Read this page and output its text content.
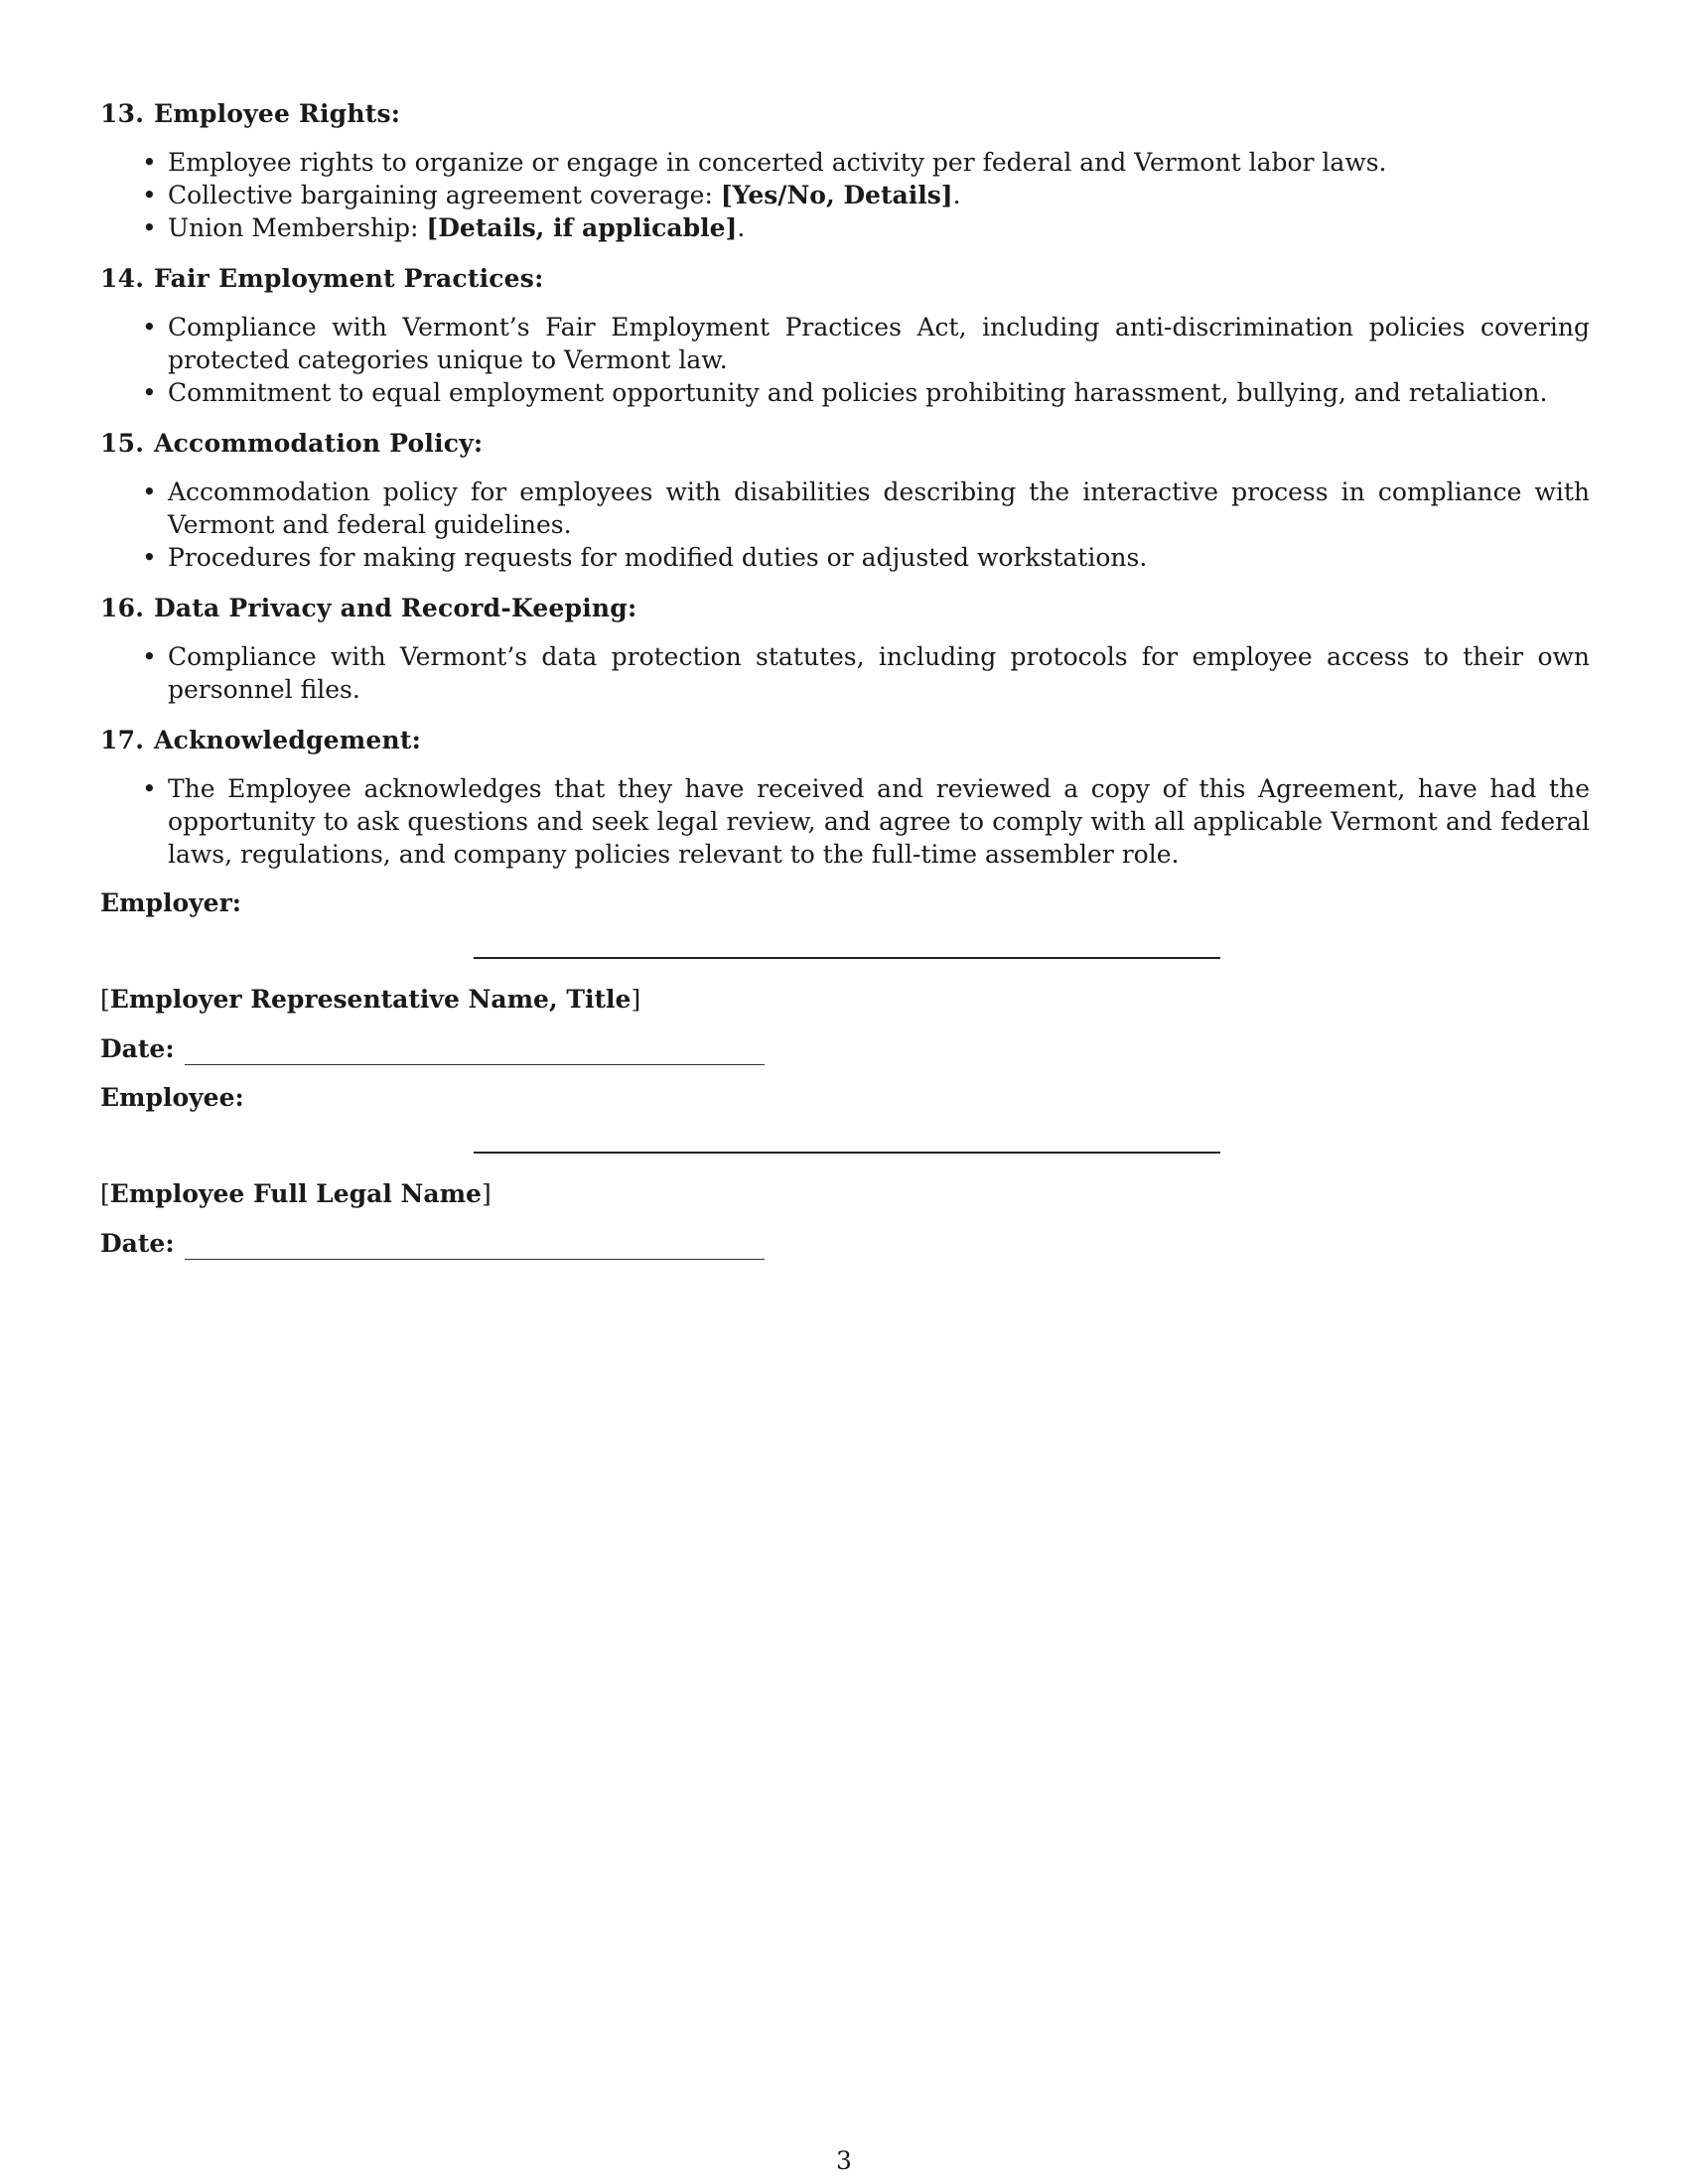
13. Employee Rights:
• Employee rights to organize or engage in concerted activity per federal and Vermont labor laws.
• Collective bargaining agreement coverage: [Yes/No, Details].
• Union Membership: [Details, if applicable].
14. Fair Employment Practices:
• Compliance with Vermont’s Fair Employment Practices Act, including anti-discrimination policies covering protected categories unique to Vermont law.
• Commitment to equal employment opportunity and policies prohibiting harassment, bullying, and retaliation.
15. Accommodation Policy:
• Accommodation policy for employees with disabilities describing the interactive process in compliance with Vermont and federal guidelines.
• Procedures for making requests for modified duties or adjusted workstations.
16. Data Privacy and Record-Keeping:
• Compliance with Vermont’s data protection statutes, including protocols for employee access to their own personnel files.
17. Acknowledgement:
• The Employee acknowledges that they have received and reviewed a copy of this Agreement, have had the opportunity to ask questions and seek legal review, and agree to comply with all applicable Vermont and federal laws, regulations, and company policies relevant to the full-time assembler role.
Employer:
[Employer Representative Name, Title]
Date:
Employee:
[Employee Full Legal Name]
Date:
3
